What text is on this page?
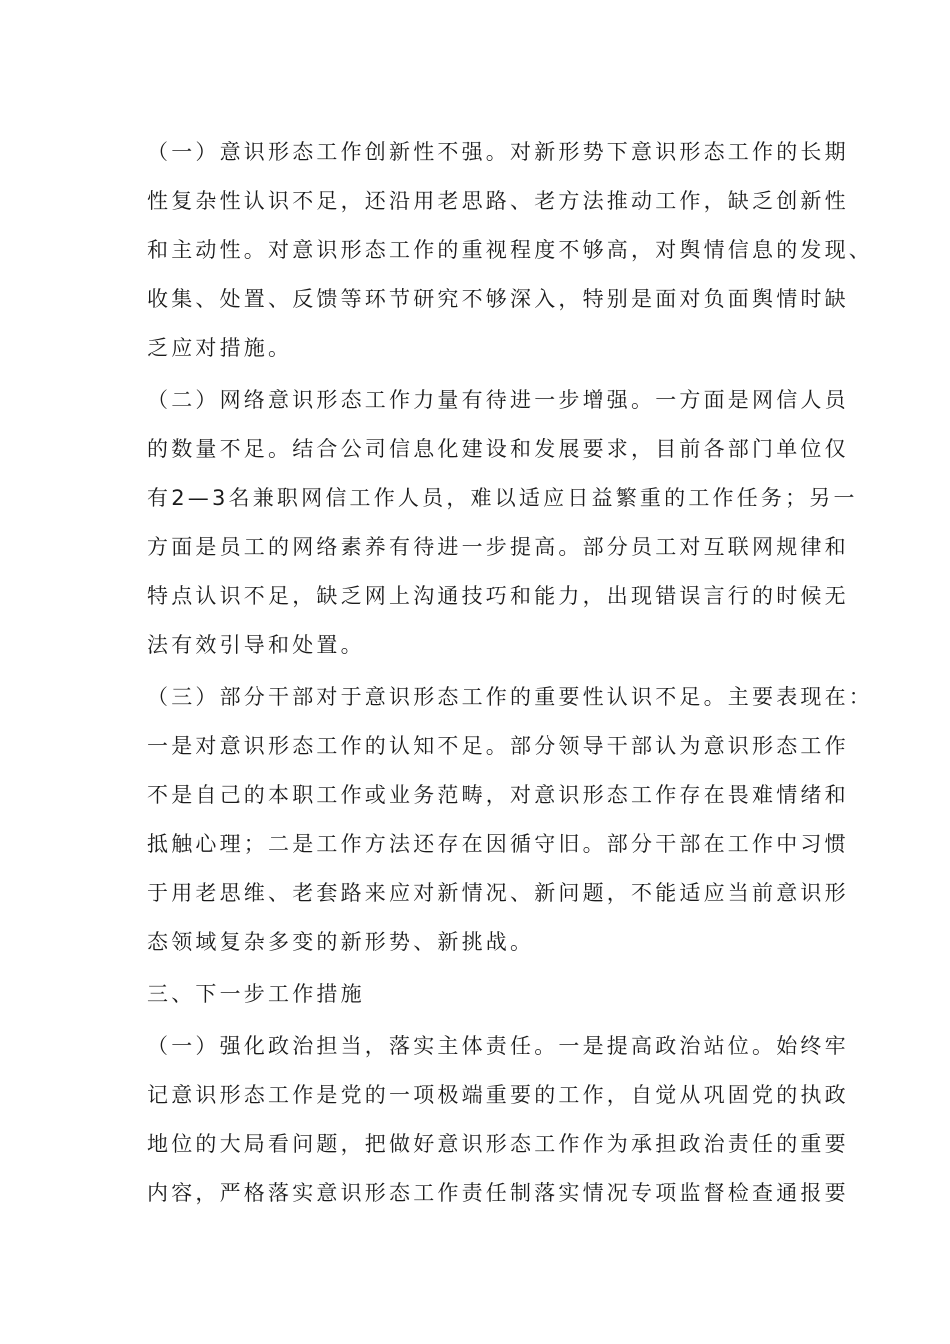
（一）意识形态工作创新性不强。对新形势下意识形态工作的长期
性复杂性认识不足，还沿用老思路、老方法推动工作，缺乏创新性
和主动性。对意识形态工作的重视程度不够高，对舆情信息的发现、
收集、处置、反馈等环节研究不够深入，特别是面对负面舆情时缺
乏应对措施。
（二）网络意识形态工作力量有待进一步增强。一方面是网信人员
的数量不足。结合公司信息化建设和发展要求，目前各部门单位仅
有2—3名兼职网信工作人员，难以适应日益繁重的工作任务；另一
方面是员工的网络素养有待进一步提高。部分员工对互联网规律和
特点认识不足，缺乏网上沟通技巧和能力，出现错误言行的时候无
法有效引导和处置。
（三）部分干部对于意识形态工作的重要性认识不足。主要表现在：
一是对意识形态工作的认知不足。部分领导干部认为意识形态工作
不是自己的本职工作或业务范畴，对意识形态工作存在畏难情绪和
抵触心理；二是工作方法还存在因循守旧。部分干部在工作中习惯
于用老思维、老套路来应对新情况、新问题，不能适应当前意识形
态领域复杂多变的新形势、新挑战。
三、下一步工作措施
（一）强化政治担当，落实主体责任。一是提高政治站位。始终牢
记意识形态工作是党的一项极端重要的工作，自觉从巩固党的执政
地位的大局看问题，把做好意识形态工作作为承担政治责任的重要
内容，严格落实意识形态工作责任制落实情况专项监督检查通报要
